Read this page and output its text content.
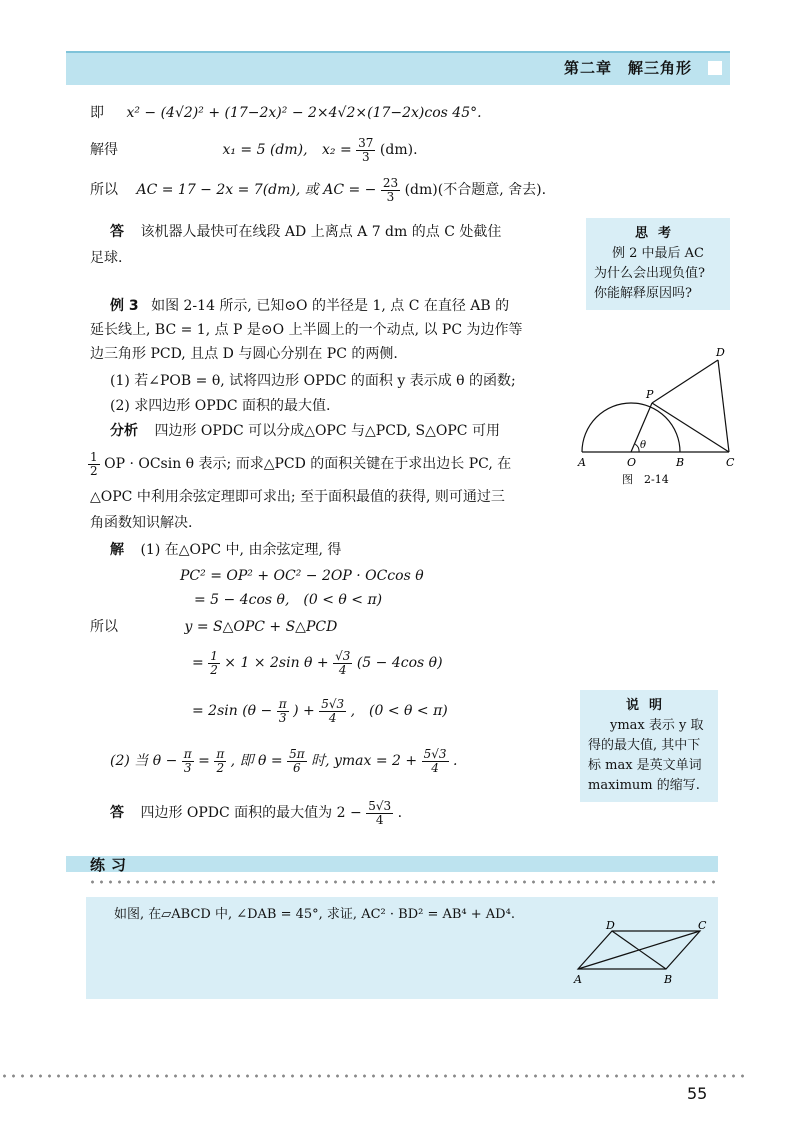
第二章　解三角形
即 x² − (4√2)² + (17−2x)² − 2×4√2×(17−2x)cos 45°.
解得	x₁ = 5 (dm), $x_2 = \frac{37}{3} (dm)$.
所以 AC = 17 − 2x = 7(dm), 或 AC = − $\frac{23}{3} (dm)$(不合题意, 舍去).
答 该机器人最快可在线段 AD 上离点 A 7 dm 的点 C 处截住
足球.
思考
例 2 中最后 AC
为什么会出现负值?
你能解释原因吗?
例 3 如图 2-14 所示, 已知⊙O 的半径是 1, 点 C 在直径 AB 的
延长线上, BC = 1, 点 P 是⊙O 上半圆上的一个动点, 以 PC 为边作等
边三角形 PCD, 且点 D 与圆心分别在 PC 的两侧.
(1) 若∠POB = θ, 试将四边形 OPDC 的面积 y 表示成 θ 的函数;
(2) 求四边形 OPDC 面积的最大值.
分析 四边形 OPDC 可以分成△OPC 与△PCD, S△OPC 可用
$\frac{1}{2}$ OP · OCsin θ 表示; 而求△PCD 的面积关键在于求出边长 PC, 在
△OPC 中利用余弦定理即可求出; 至于面积最值的获得, 则可通过三
角函数知识解决.
A	O	B	C
P
D
θ
图　2-14
解 (1) 在△OPC 中, 由余弦定理, 得
PC² = OP² + OC² − 2OP · OCcos θ
= 5 − 4cos θ,　(0 < θ < π)
所以	y = S△OPC + S△PCD
= $\frac{1}{2} \times 1 \times 2\sin$ $\theta + \frac{√3}{4} (5 - 4\cos$ θ)
= 2sin ($\theta - \frac{\pi}{3}$ ) + $\frac{5√3}{4}$ ,　(0 < θ < π)
(2) 当 $\theta - \frac{\pi}{3} = \frac{\pi}{2}$ , 即 $\theta = \frac{5\pi}{6}$ 时, $ymax = 2 + \frac{5√3}{4}$ .
说明
ymax 表示 y 取
得的最大值, 其中下
标 max 是英文单词
maximum 的缩写.
答 四边形 OPDC 面积的最大值为 $2 - \frac{5√3}{4}$ .
练习
如图, 在▱ABCD 中, ∠DAB = 45°, 求证, AC² · BD² = AB⁴ + AD⁴.
A	B
C
D
55
